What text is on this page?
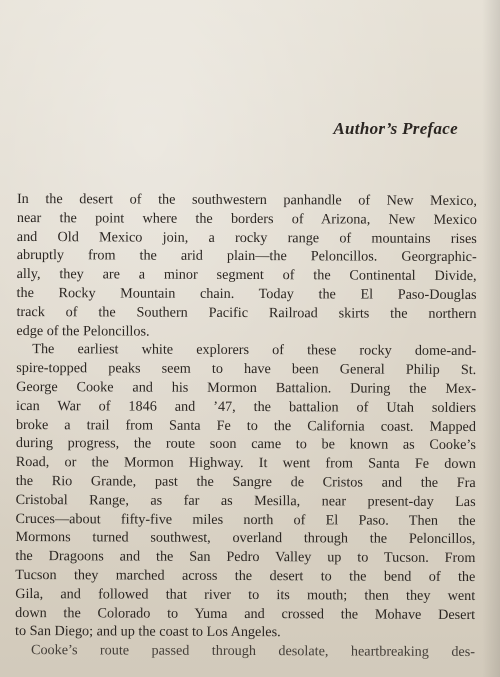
Author’s Preface
In the desert of the southwestern panhandle of New Mexico,
near the point where the borders of Arizona, New Mexico
and Old Mexico join, a rocky range of mountains rises
abruptly from the arid plain—the Peloncillos. Georgraphic-
ally, they are a minor segment of the Continental Divide,
the Rocky Mountain chain. Today the El Paso-Douglas
track of the Southern Pacific Railroad skirts the northern
edge of the Peloncillos.
The earliest white explorers of these rocky dome-and-
spire-topped peaks seem to have been General Philip St.
George Cooke and his Mormon Battalion. During the Mex-
ican War of 1846 and ’47, the battalion of Utah soldiers
broke a trail from Santa Fe to the California coast. Mapped
during progress, the route soon came to be known as Cooke’s
Road, or the Mormon Highway. It went from Santa Fe down
the Rio Grande, past the Sangre de Cristos and the Fra
Cristobal Range, as far as Mesilla, near present-day Las
Cruces—about fifty-five miles north of El Paso. Then the
Mormons turned southwest, overland through the Peloncillos,
the Dragoons and the San Pedro Valley up to Tucson. From
Tucson they marched across the desert to the bend of the
Gila, and followed that river to its mouth; then they went
down the Colorado to Yuma and crossed the Mohave Desert
to San Diego; and up the coast to Los Angeles.
Cooke’s route passed through desolate, heartbreaking des-
